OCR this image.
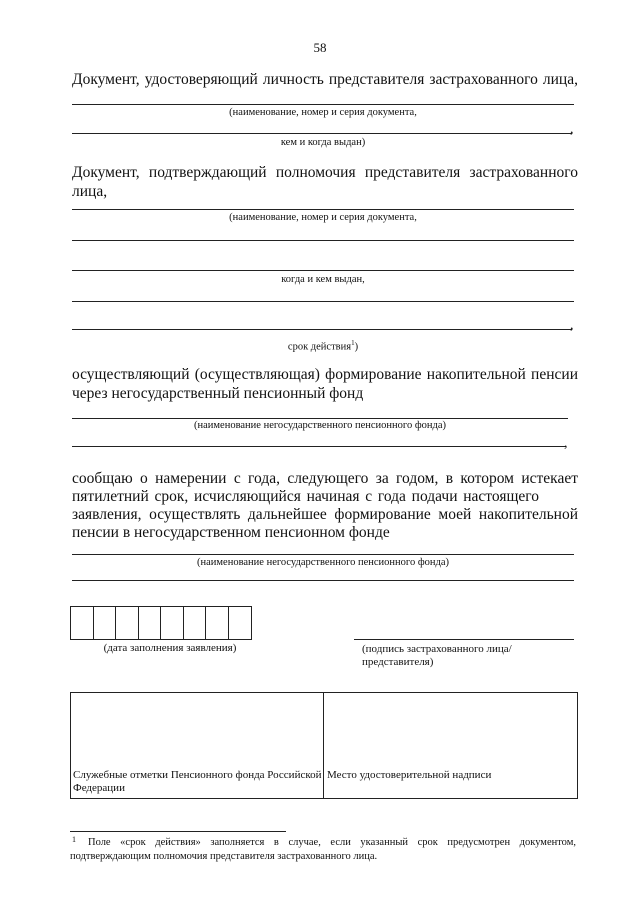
58
Документ, удостоверяющий личность представителя застрахованного лица,
(наименование, номер и серия документа,
,
кем и когда выдан)
Документ, подтверждающий полномочия представителя застрахованного
лица,
(наименование, номер и серия документа,
когда и кем выдан,
,
срок действия$^1$)
осуществляющий (осуществляющая) формирование накопительной пенсии
через негосударственный пенсионный фонд
(наименование негосударственного пенсионного фонда)
,
сообщаю о намерении с года, следующего за годом, в котором истекает
пятилетний срок, исчисляющийся начиная с года подачи настоящего
заявления, осуществлять дальнейшее формирование моей накопительной
пенсии в негосударственном пенсионном фонде
(наименование негосударственного пенсионного фонда)
(дата заполнения заявления)	(подпись застрахованного лица/
представителя)
Служебные отметки Пенсионного фонда Российской
Федерации
Место удостоверительной надписи
1 Поле «срок действия» заполняется в случае, если указанный срок предусмотрен документом,
подтверждающим полномочия представителя застрахованного лица.
